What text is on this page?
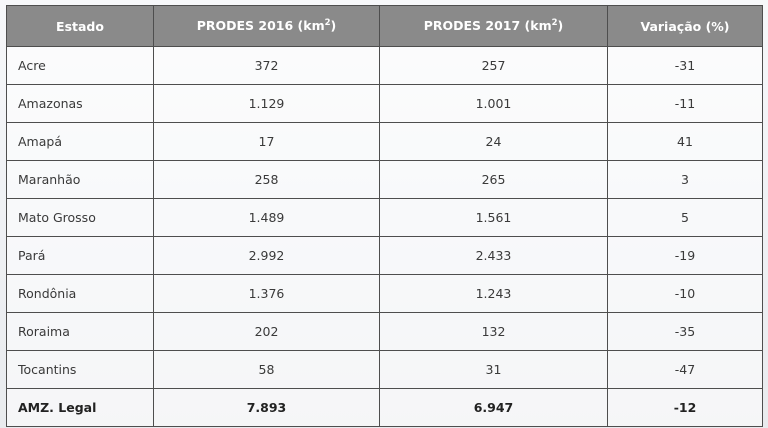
Estado	PRODES 2016 $(km^2)$	PRODES 2017 $(km^2)$	Variação (%)
Acre	372	257	-31
Amazonas	1.129	1.001	-11
Amapá	17	24	41
Maranhão	258	265	3
Mato Grosso	1.489	1.561	5
Pará	2.992	2.433	-19
Rondônia	1.376	1.243	-10
Roraima	202	132	-35
Tocantins	58	31	-47
AMZ. Legal	7.893	6.947	-12
